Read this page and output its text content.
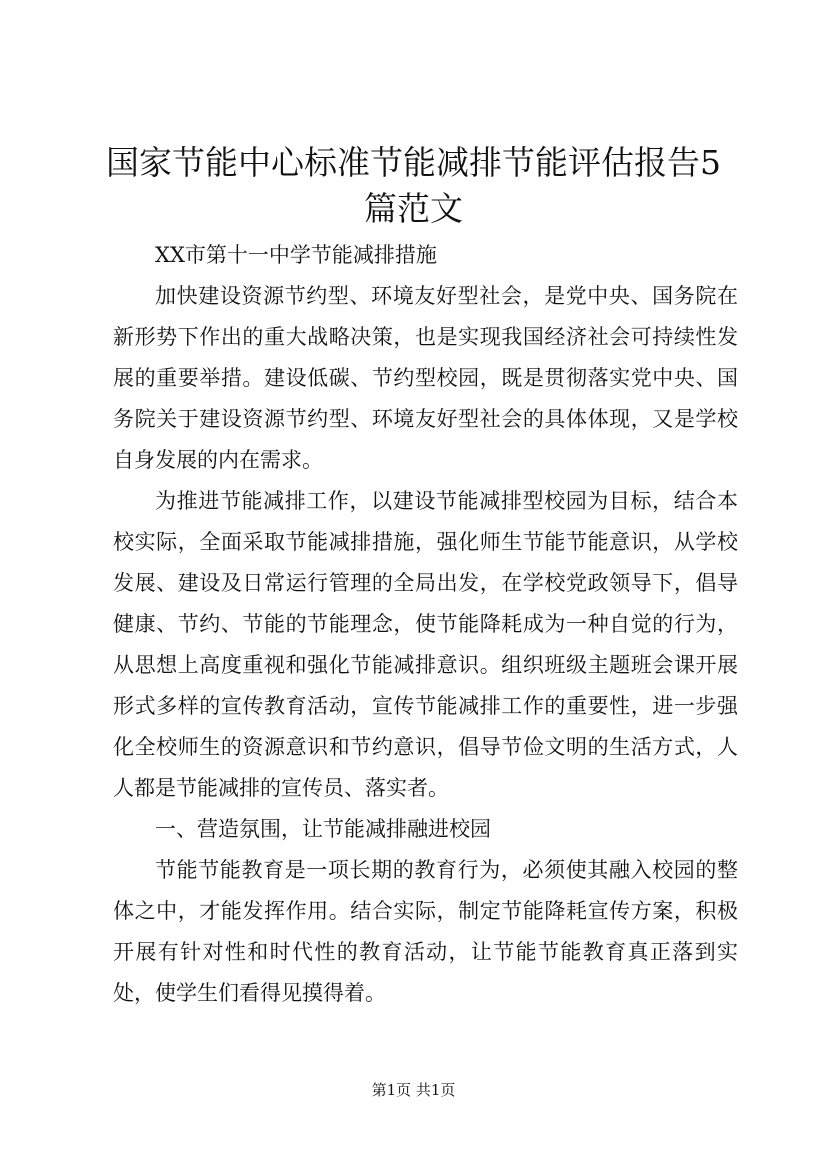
国家节能中心标准节能减排节能评估报告5篇范文

XX市第十一中学节能减排措施

加快建设资源节约型、环境友好型社会，是党中央、国务院在新形势下作出的重大战略决策，也是实现我国经济社会可持续性发展的重要举措。建设低碳、节约型校园，既是贯彻落实党中央、国务院关于建设资源节约型、环境友好型社会的具体体现，又是学校自身发展的内在需求。

为推进节能减排工作，以建设节能减排型校园为目标，结合本校实际，全面采取节能减排措施，强化师生节能节能意识，从学校发展、建设及日常运行管理的全局出发，在学校党政领导下，倡导健康、节约、节能的节能理念，使节能降耗成为一种自觉的行为，从思想上高度重视和强化节能减排意识。组织班级主题班会课开展形式多样的宣传教育活动，宣传节能减排工作的重要性，进一步强化全校师生的资源意识和节约意识，倡导节俭文明的生活方式，人人都是节能减排的宣传员、落实者。

一、营造氛围，让节能减排融进校园

节能节能教育是一项长期的教育行为，必须使其融入校园的整体之中，才能发挥作用。结合实际，制定节能降耗宣传方案，积极开展有针对性和时代性的教育活动，让节能节能教育真正落到实处，使学生们看得见摸得着。

第1页 共1页
